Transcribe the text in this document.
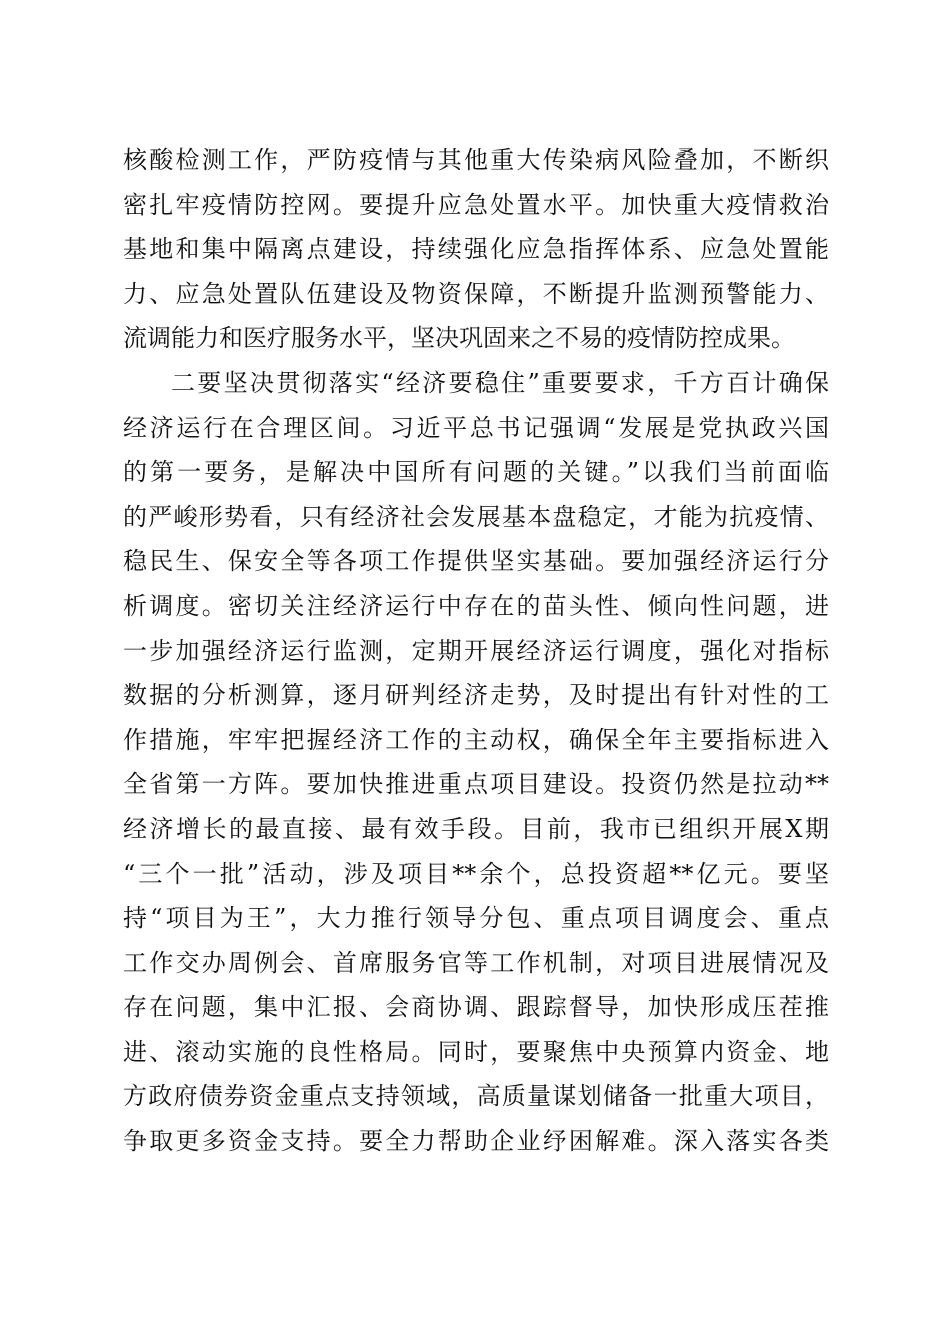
核酸检测工作，严防疫情与其他重大传染病风险叠加，不断织
密扎牢疫情防控网。要提升应急处置水平。加快重大疫情救治
基地和集中隔离点建设，持续强化应急指挥体系、应急处置能
力、应急处置队伍建设及物资保障，不断提升监测预警能力、
流调能力和医疗服务水平，坚决巩固来之不易的疫情防控成果。
二要坚决贯彻落实“经济要稳住”重要要求，千方百计确保
经济运行在合理区间。习近平总书记强调“发展是党执政兴国
的第一要务，是解决中国所有问题的关键。”以我们当前面临
的严峻形势看，只有经济社会发展基本盘稳定，才能为抗疫情、
稳民生、保安全等各项工作提供坚实基础。要加强经济运行分
析调度。密切关注经济运行中存在的苗头性、倾向性问题，进
一步加强经济运行监测，定期开展经济运行调度，强化对指标
数据的分析测算，逐月研判经济走势，及时提出有针对性的工
作措施，牢牢把握经济工作的主动权，确保全年主要指标进入
全省第一方阵。要加快推进重点项目建设。投资仍然是拉动**
经济增长的最直接、最有效手段。目前，我市已组织开展X期
“三个一批”活动，涉及项目**余个，总投资超**亿元。要坚
持“项目为王”，大力推行领导分包、重点项目调度会、重点
工作交办周例会、首席服务官等工作机制，对项目进展情况及
存在问题，集中汇报、会商协调、跟踪督导，加快形成压茬推
进、滚动实施的良性格局。同时，要聚焦中央预算内资金、地
方政府债券资金重点支持领域，高质量谋划储备一批重大项目，
争取更多资金支持。要全力帮助企业纾困解难。深入落实各类
